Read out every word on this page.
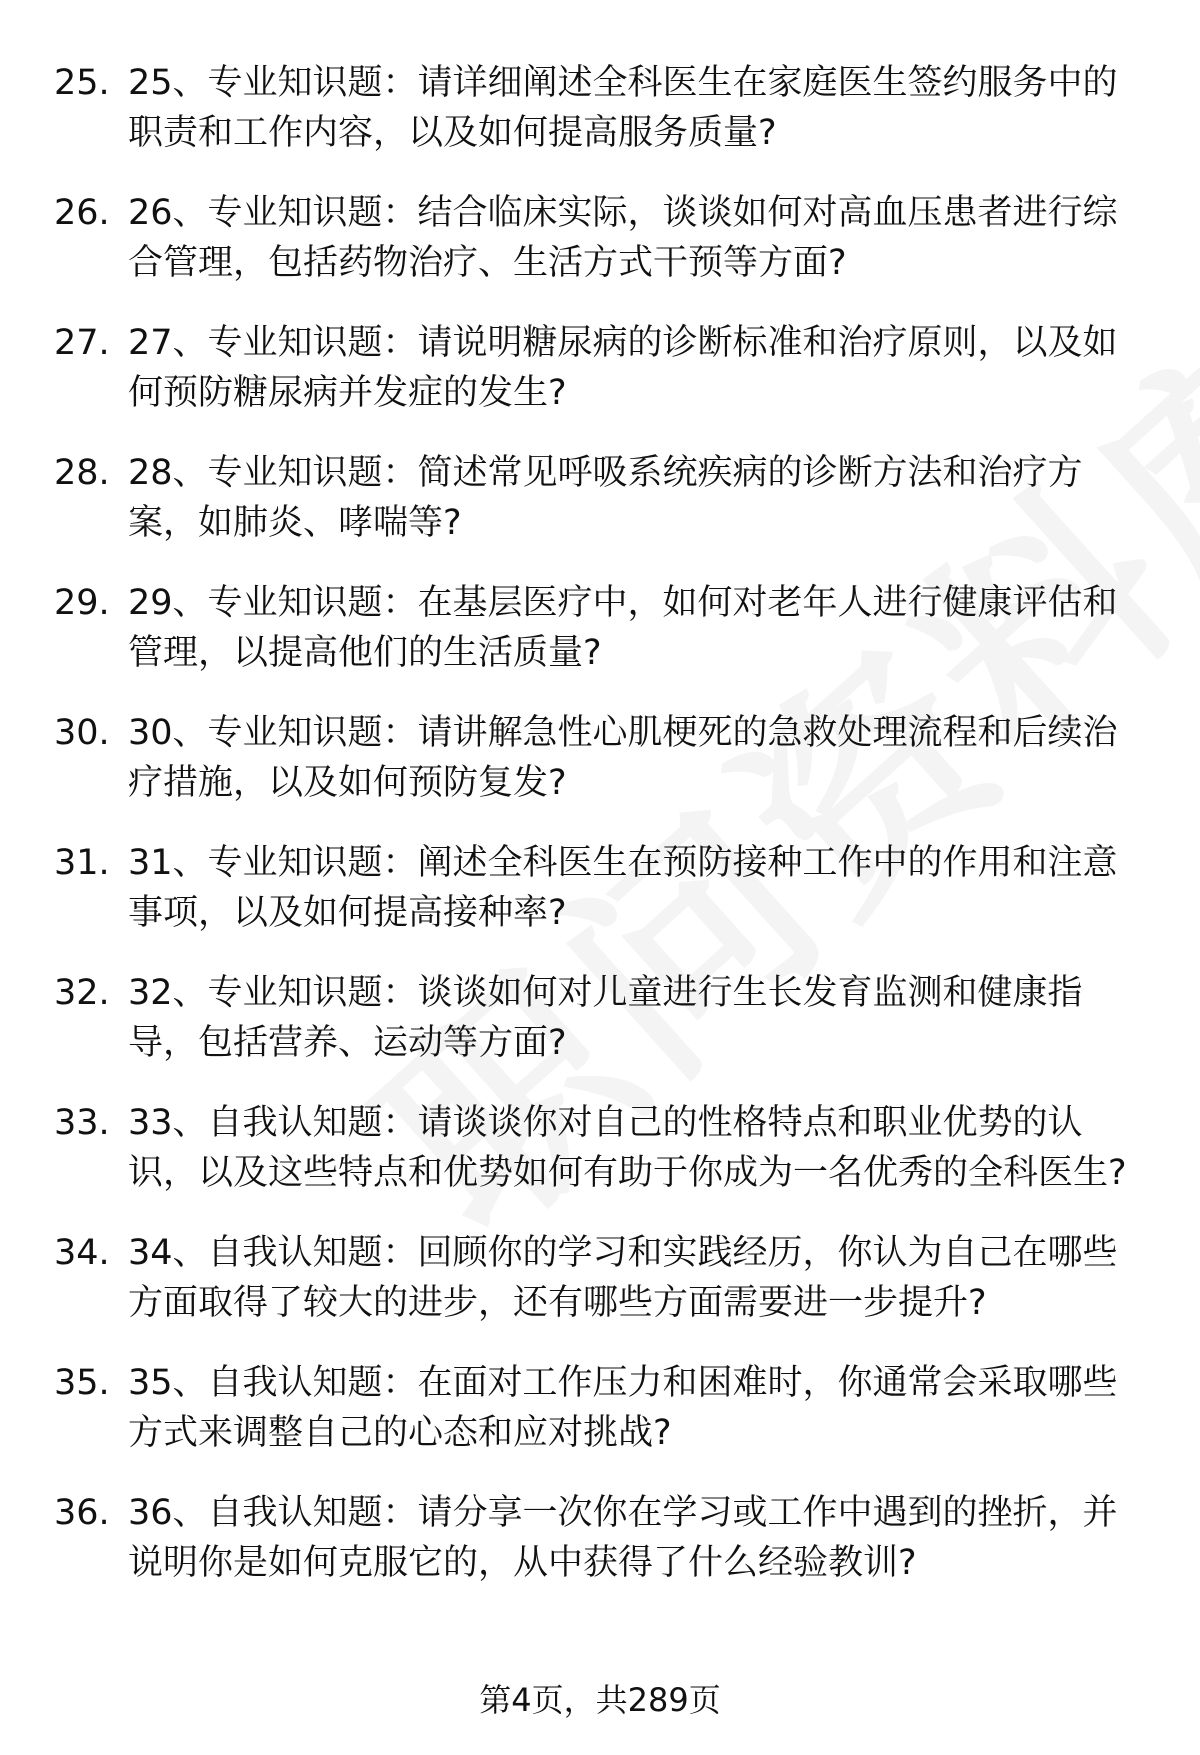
25. 25、专业知识题：请详细阐述全科医生在家庭医生签约服务中的职责和工作内容，以及如何提高服务质量?
26. 26、专业知识题：结合临床实际，谈谈如何对高血压患者进行综合管理，包括药物治疗、生活方式干预等方面?
27. 27、专业知识题：请说明糖尿病的诊断标准和治疗原则，以及如何预防糖尿病并发症的发生?
28. 28、专业知识题：简述常见呼吸系统疾病的诊断方法和治疗方案，如肺炎、哮喘等?
29. 29、专业知识题：在基层医疗中，如何对老年人进行健康评估和管理，以提高他们的生活质量?
30. 30、专业知识题：请讲解急性心肌梗死的急救处理流程和后续治疗措施，以及如何预防复发?
31. 31、专业知识题：阐述全科医生在预防接种工作中的作用和注意事项，以及如何提高接种率?
32. 32、专业知识题：谈谈如何对儿童进行生长发育监测和健康指导，包括营养、运动等方面?
33. 33、自我认知题：请谈谈你对自己的性格特点和职业优势的认识，以及这些特点和优势如何有助于你成为一名优秀的全科医生?
34. 34、自我认知题：回顾你的学习和实践经历，你认为自己在哪些方面取得了较大的进步，还有哪些方面需要进一步提升?
35. 35、自我认知题：在面对工作压力和困难时，你通常会采取哪些方式来调整自己的心态和应对挑战?
36. 36、自我认知题：请分享一次你在学习或工作中遇到的挫折，并说明你是如何克服它的，从中获得了什么经验教训?
第4页，共289页
